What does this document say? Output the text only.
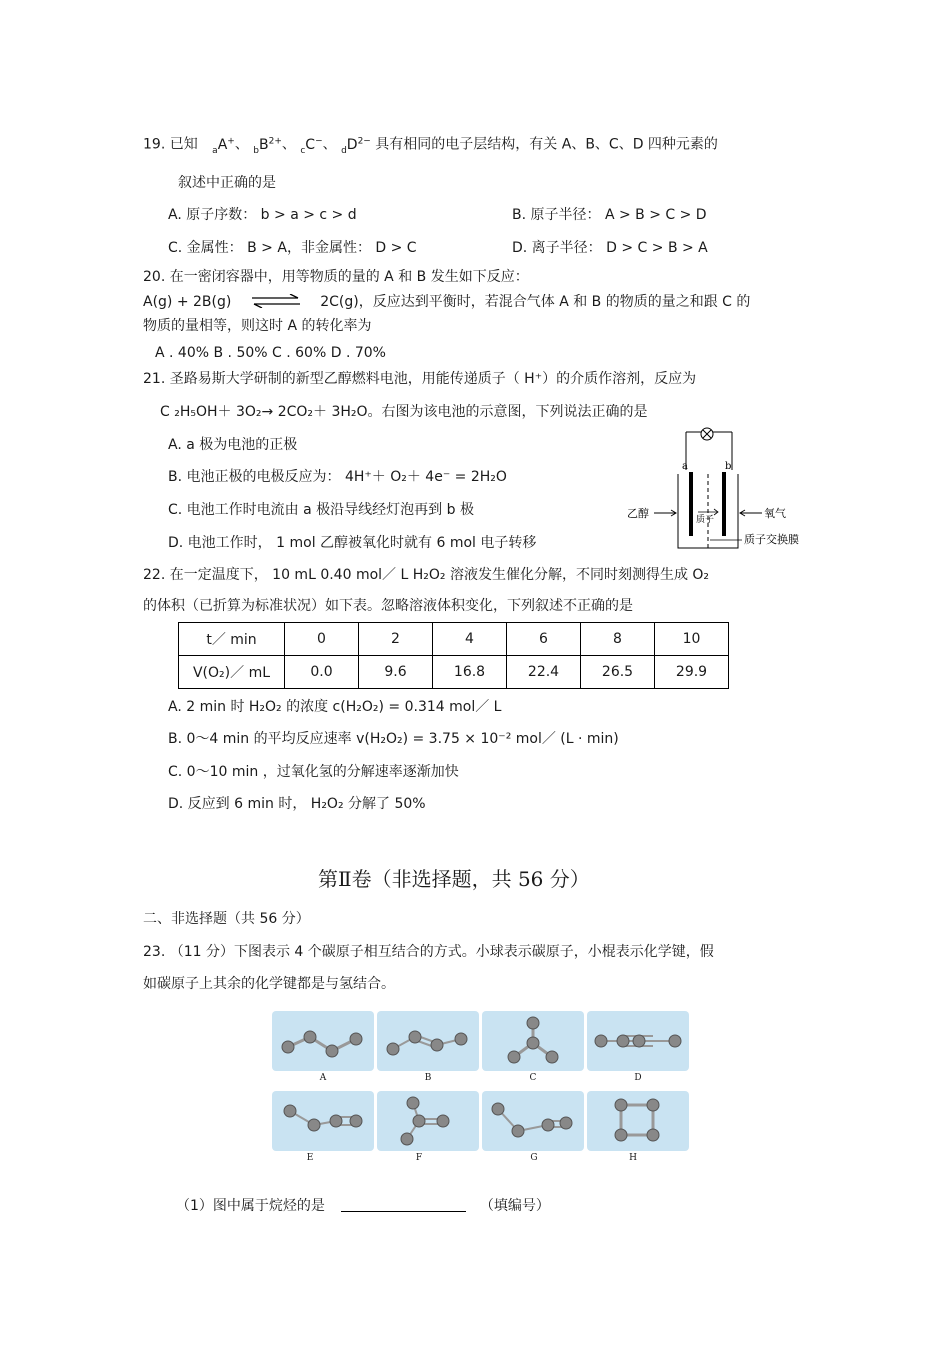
19. 已知 $_a$A+、 $_bB^{2+}$、 $_c$C−、 $_dD^{2-}$ 具有相同的电子层结构，有关 A、B、C、D 四种元素的
叙述中正确的是
A. 原子序数： b > a > c > d	B. 原子半径： A > B > C > D
C. 金属性： B > A，非金属性： D > C	D. 离子半径： D > C > B > A
20. 在一密闭容器中，用等物质的量的 A 和 B 发生如下反应：
A(g) + 2B(g) ⇌ 2C(g)，反应达到平衡时，若混合气体 A 和 B 的物质的量之和跟 C 的
物质的量相等，则这时 A 的转化率为
A . 40% B . 50% C . 60% D . 70%
21. 圣路易斯大学研制的新型乙醇燃料电池，用能传递质子（ H⁺）的介质作溶剂，反应为
C ₂H₅OH＋ 3O₂→ 2CO₂＋ 3H₂O。右图为该电池的示意图，下列说法正确的是
A. a 极为电池的正极
B. 电池正极的电极反应为： 4H⁺＋ O₂＋ 4e⁻ = 2H₂O
C. 电池工作时电流由 a 极沿导线经灯泡再到 b 极
D. 电池工作时， 1 mol 乙醇被氧化时就有 6 mol 电子转移
a	b
乙醇	氧气
质子
质子交换膜
22. 在一定温度下， 10 mL 0.40 mol／ L H₂O₂ 溶液发生催化分解，不同时刻测得生成 O₂
的体积（已折算为标准状况）如下表。忽略溶液体积变化，下列叙述不正确的是
t／ min	0	2	4	6	8	10
V(O₂)／ mL	0.0	9.6	16.8	22.4	26.5	29.9
A. 2 min 时 H₂O₂ 的浓度 c(H₂O₂) = 0.314 mol／ L
B. 0～4 min 的平均反应速率 v(H₂O₂) = 3.75 × 10⁻² mol／ (L · min)
C. 0～10 min ，过氧化氢的分解速率逐渐加快
D. 反应到 6 min 时， H₂O₂ 分解了 50%
第Ⅱ卷（非选择题，共 56 分）
二、非选择题（共 56 分）
23. （11 分）下图表示 4 个碳原子相互结合的方式。小球表示碳原子，小棍表示化学键，假
如碳原子上其余的化学键都是与氢结合。
A	B	C	D
E	F	G	H
（1）图中属于烷烃的是	（填编号）
